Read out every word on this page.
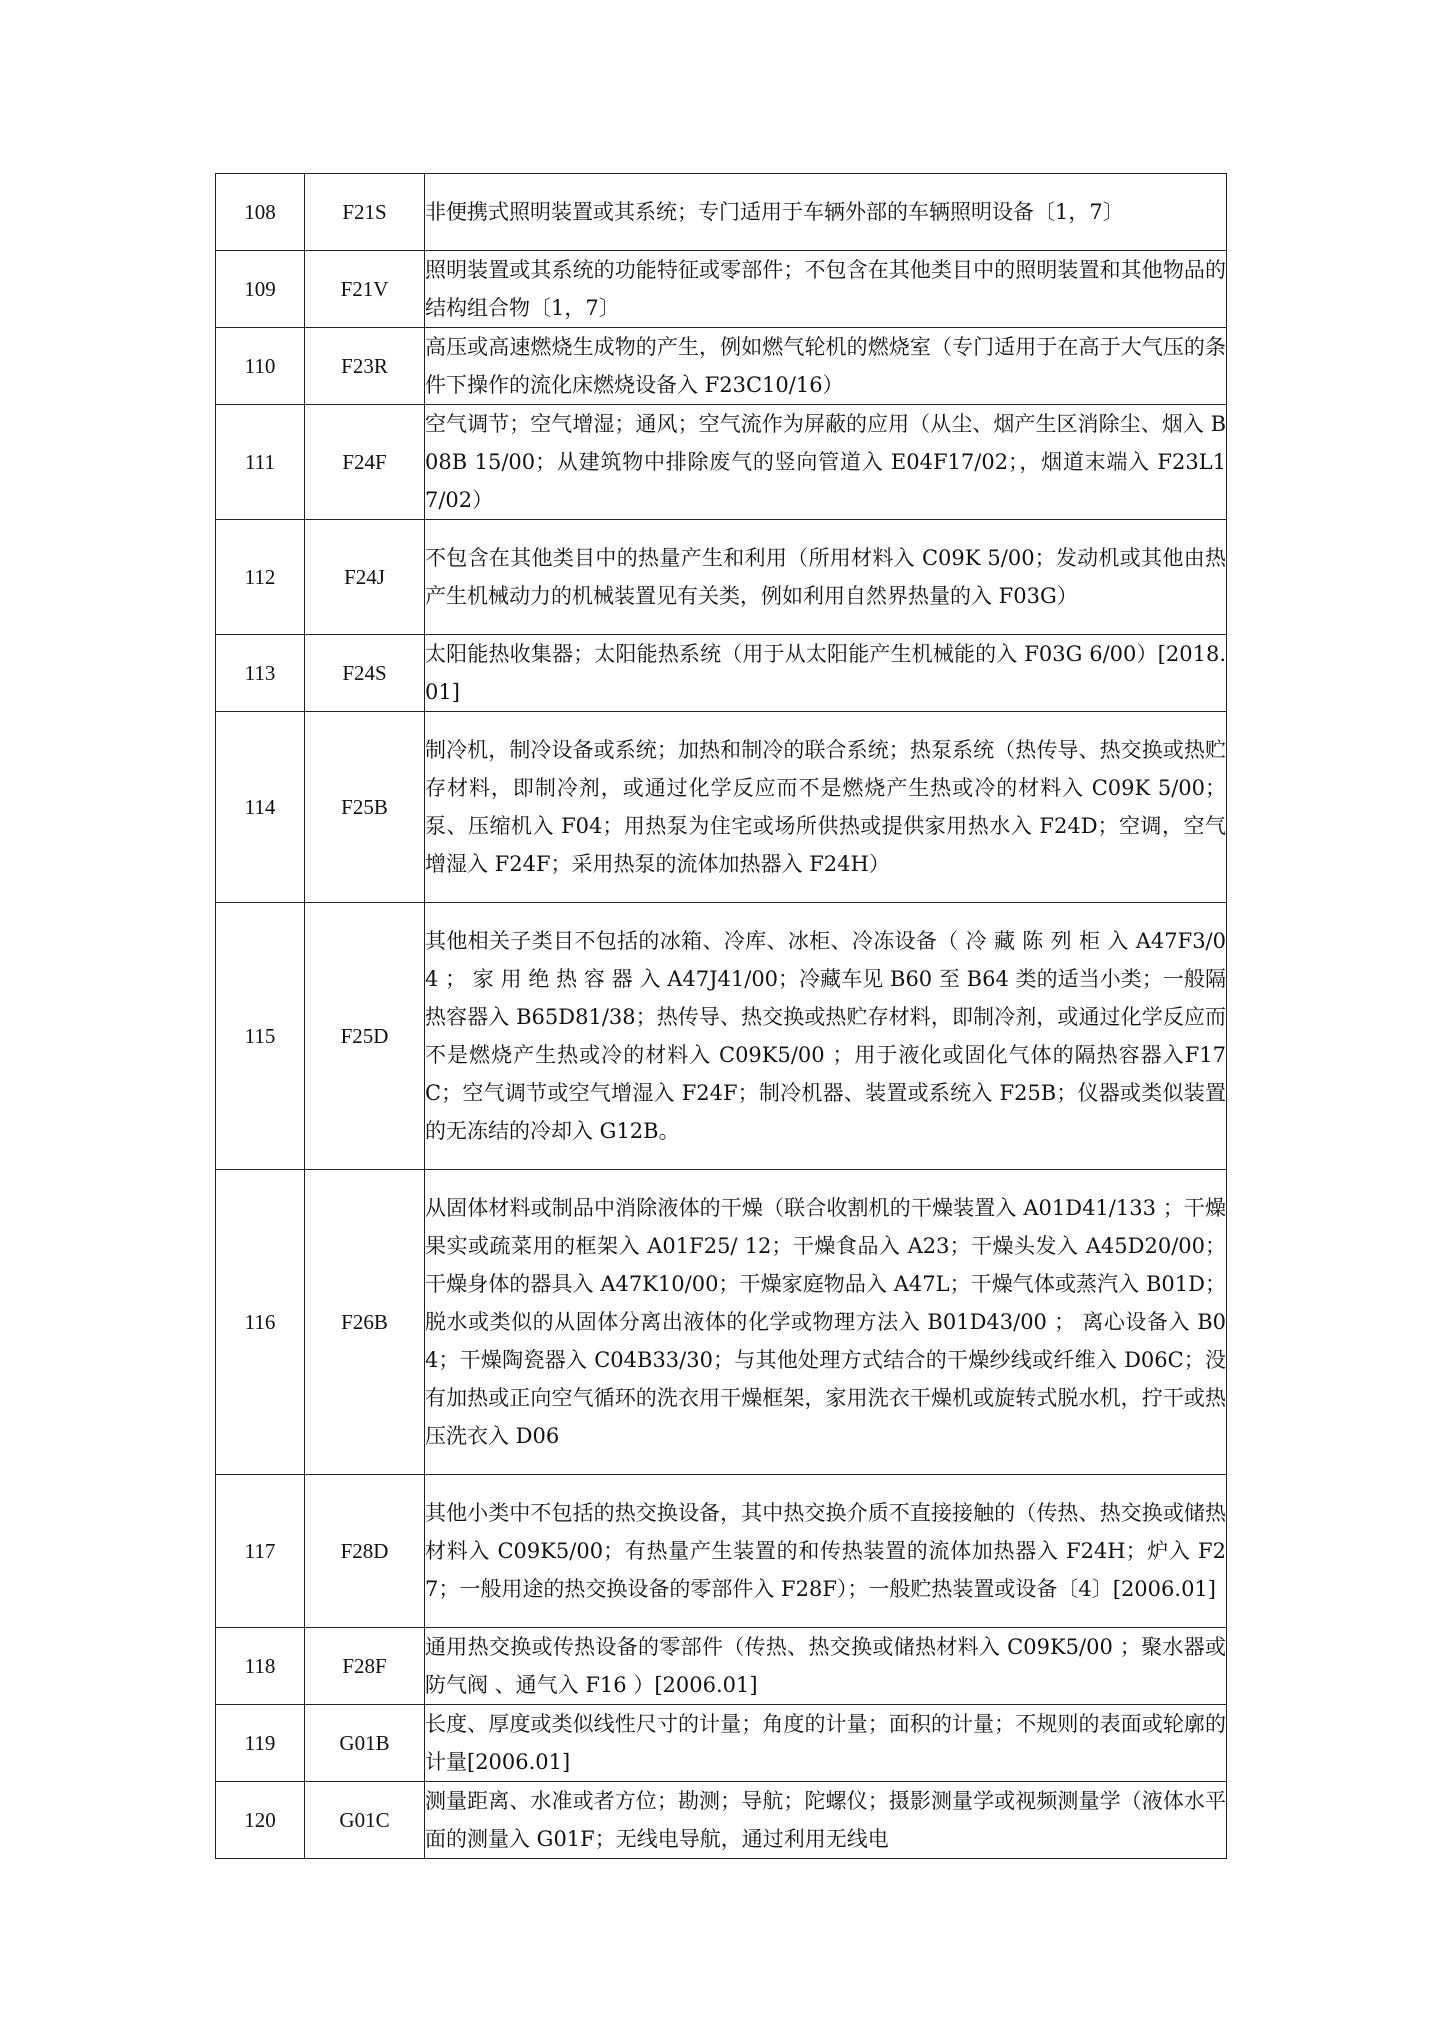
108	F21S	非便携式照明装置或其系统；专门适用于车辆外部的车辆照明设备〔1，7〕

109	F21V	照明装置或其系统的功能特征或零部件；不包含在其他类目中的照明装置和其他物品的结构组合物〔1，7〕

110	F23R	高压或高速燃烧生成物的产生，例如燃气轮机的燃烧室（专门适用于在高于大气压的条件下操作的流化床燃烧设备入 F23C10/16）

111	F24F	空气调节；空气增湿；通风；空气流作为屏蔽的应用（从尘、烟产生区消除尘、烟入 B08B 15/00；从建筑物中排除废气的竖向管道入 E04F17/02；，烟道末端入 F23L17/02）

112	F24J	不包含在其他类目中的热量产生和利用（所用材料入 C09K 5/00；发动机或其他由热产生机械动力的机械装置见有关类，例如利用自然界热量的入 F03G）

113	F24S	太阳能热收集器；太阳能热系统（用于从太阳能产生机械能的入 F03G 6/00）[2018.01]

114	F25B	制冷机，制冷设备或系统；加热和制冷的联合系统；热泵系统（热传导、热交换或热贮存材料，即制冷剂，或通过化学反应而不是燃烧产生热或冷的材料入 C09K 5/00；泵、压缩机入 F04；用热泵为住宅或场所供热或提供家用热水入 F24D；空调，空气增湿入 F24F；采用热泵的流体加热器入 F24H）

115	F25D	其他相关子类目不包括的冰箱、冷库、冰柜、冷冻设备（ 冷 藏 陈 列 柜 入 A47F3/04 ； 家 用 绝 热 容 器 入 A47J41/00；冷藏车见 B60 至 B64 类的适当小类；一般隔热容器入 B65D81/38；热传导、热交换或热贮存材料，即制冷剂，或通过化学反应而不是燃烧产生热或冷的材料入 C09K5/00 ；用于液化或固化气体的隔热容器入F17C；空气调节或空气增湿入 F24F；制冷机器、装置或系统入 F25B；仪器或类似装置的无冻结的冷却入 G12B。

116	F26B	从固体材料或制品中消除液体的干燥（联合收割机的干燥装置入 A01D41/133 ；干燥果实或疏菜用的框架入 A01F25/ 12；干燥食品入 A23；干燥头发入 A45D20/00；干燥身体的器具入 A47K10/00；干燥家庭物品入 A47L；干燥气体或蒸汽入 B01D；脱水或类似的从固体分离出液体的化学或物理方法入 B01D43/00 ； 离心设备入 B04；干燥陶瓷器入 C04B33/30；与其他处理方式结合的干燥纱线或纤维入 D06C；没有加热或正向空气循环的洗衣用干燥框架，家用洗衣干燥机或旋转式脱水机，拧干或热压洗衣入 D06

117	F28D	其他小类中不包括的热交换设备，其中热交换介质不直接接触的（传热、热交换或储热材料入 C09K5/00；有热量产生装置的和传热装置的流体加热器入 F24H；炉入 F27；一般用途的热交换设备的零部件入 F28F）；一般贮热装置或设备〔4〕[2006.01]

118	F28F	通用热交换或传热设备的零部件（传热、热交换或储热材料入 C09K5/00 ；聚水器或防气阀 、通气入 F16 ）[2006.01]

119	G01B	长度、厚度或类似线性尺寸的计量；角度的计量；面积的计量；不规则的表面或轮廓的计量[2006.01]

120	G01C	测量距离、水准或者方位；勘测；导航；陀螺仪；摄影测量学或视频测量学（液体水平面的测量入 G01F；无线电导航，通过利用无线电
